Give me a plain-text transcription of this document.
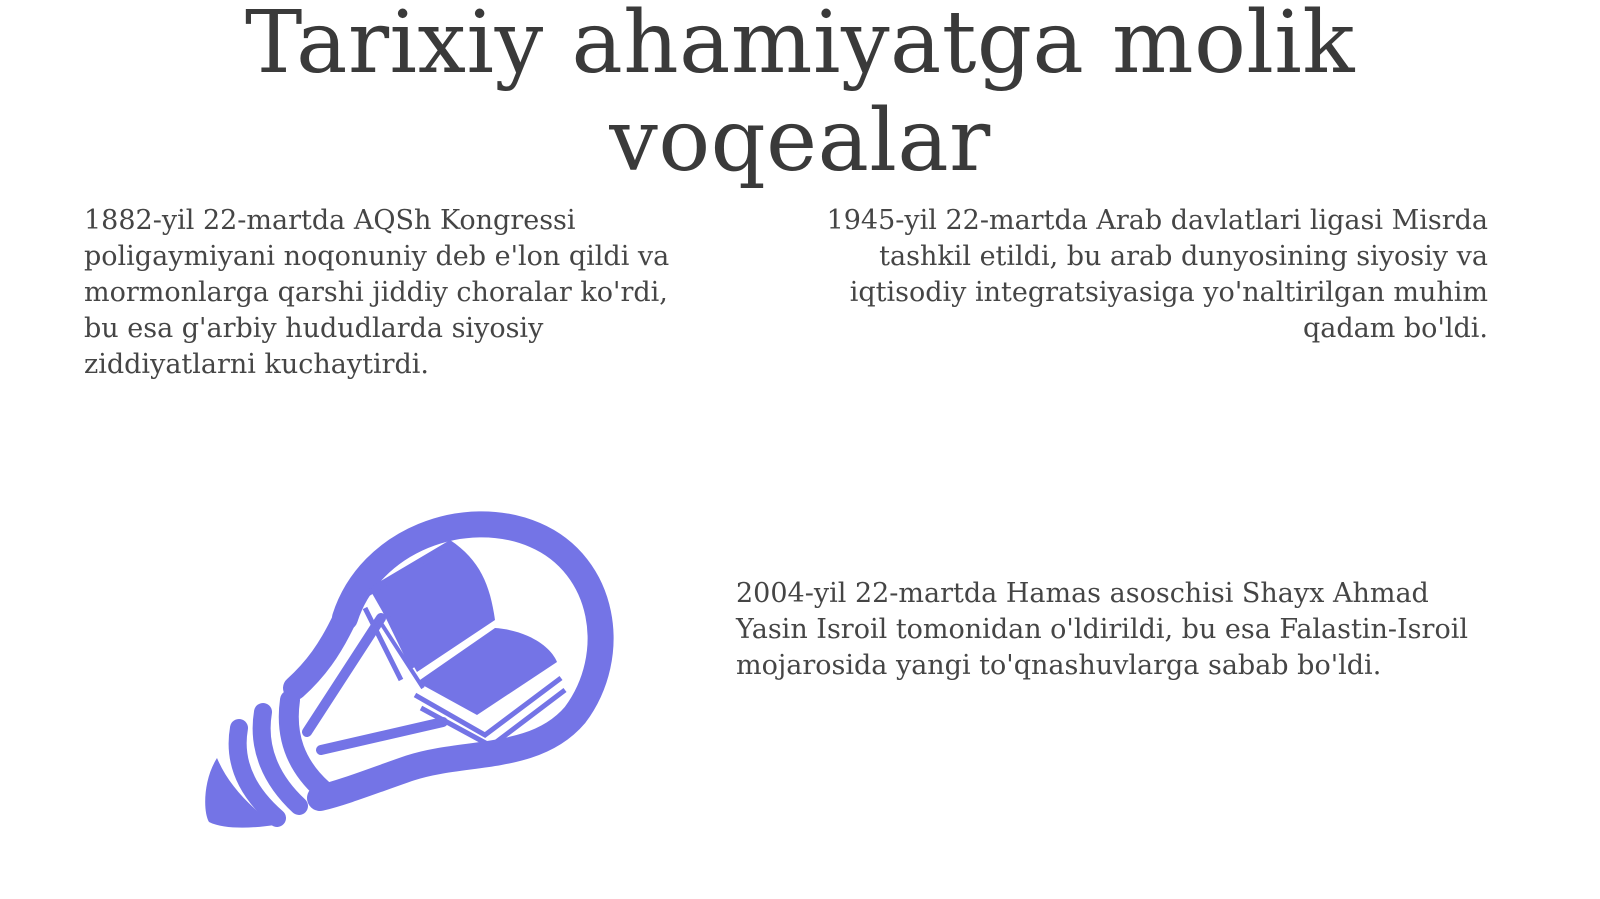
Tarixiy ahamiyatga molik
voqealar

1882-yil 22-martda AQSh Kongressi poligaymiyani noqonuniy deb e'lon qildi va mormonlarga qarshi jiddiy choralar ko'rdi, bu esa g'arbiy hududlarda siyosiy ziddiyatlarni kuchaytirdi.

1945-yil 22-martda Arab davlatlari ligasi Misrda tashkil etildi, bu arab dunyosining siyosiy va iqtisodiy integratsiyasiga yo'naltirilgan muhim qadam bo'ldi.

2004-yil 22-martda Hamas asoschisi Shayx Ahmad Yasin Isroil tomonidan o'ldirildi, bu esa Falastin-Isroil mojarosida yangi to'qnashuvlarga sabab bo'ldi.
